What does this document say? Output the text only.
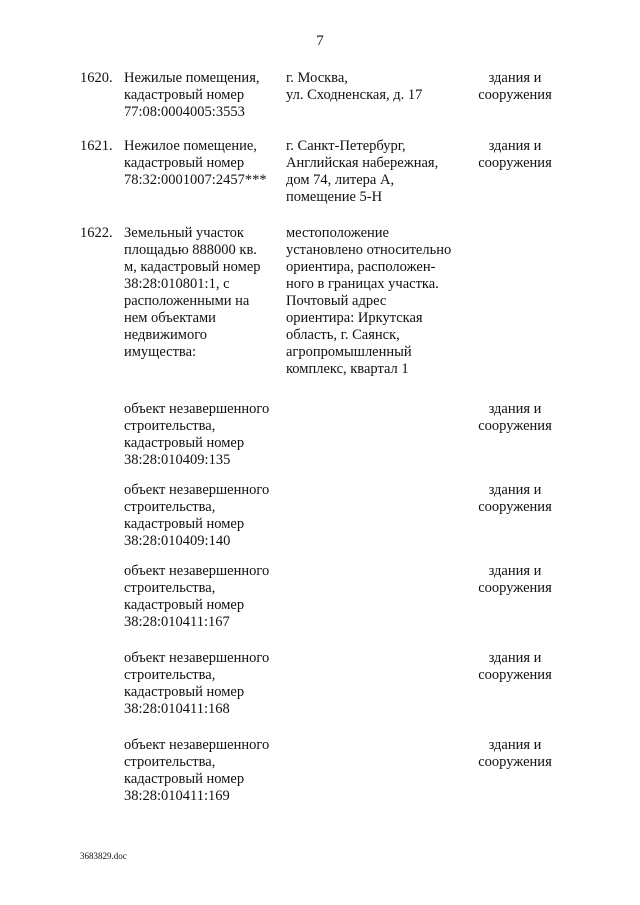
7
1620. Нежилые помещения,
кадастровый номер
77:08:0004005:3553
г. Москва,
ул. Сходненская, д. 17
здания и
сооружения
1621. Нежилое помещение,
кадастровый номер
78:32:0001007:2457***
г. Санкт-Петербург,
Английская набережная,
дом 74, литера А,
помещение 5-Н
здания и
сооружения
1622. Земельный участок
площадью 888000 кв.
м, кадастровый номер
38:28:010801:1, с
расположенными на
нем объектами
недвижимого
имущества:
местоположение
установлено относительно
ориентира, расположен-
ного в границах участка.
Почтовый адрес
ориентира: Иркутская
область, г. Саянск,
агропромышленный
комплекс, квартал 1
объект незавершенного
строительства,
кадастровый номер
38:28:010409:135
здания и
сооружения
объект незавершенного
строительства,
кадастровый номер
38:28:010409:140
здания и
сооружения
объект незавершенного
строительства,
кадастровый номер
38:28:010411:167
здания и
сооружения
объект незавершенного
строительства,
кадастровый номер
38:28:010411:168
здания и
сооружения
объект незавершенного
строительства,
кадастровый номер
38:28:010411:169
здания и
сооружения
3683829.doc
